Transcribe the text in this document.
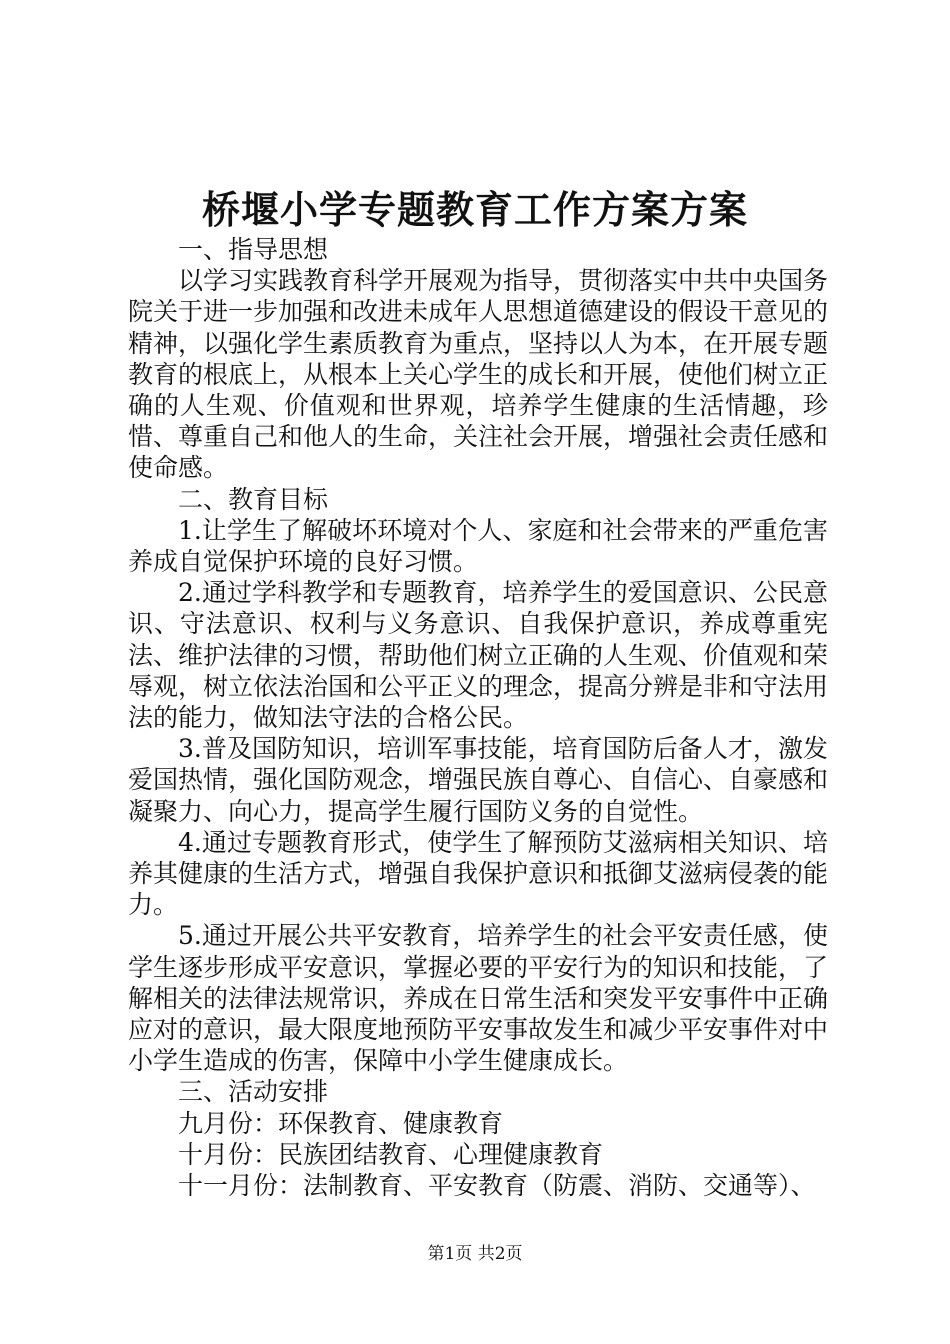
桥堰小学专题教育工作方案方案

一、指导思想

以学习实践教育科学开展观为指导，贯彻落实中共中央国务院关于进一步加强和改进未成年人思想道德建设的假设干意见的精神，以强化学生素质教育为重点，坚持以人为本，在开展专题教育的根底上，从根本上关心学生的成长和开展，使他们树立正确的人生观、价值观和世界观，培养学生健康的生活情趣，珍惜、尊重自己和他人的生命，关注社会开展，增强社会责任感和使命感。

二、教育目标

1.让学生了解破坏环境对个人、家庭和社会带来的严重危害养成自觉保护环境的良好习惯。

2.通过学科教学和专题教育，培养学生的爱国意识、公民意识、守法意识、权利与义务意识、自我保护意识，养成尊重宪法、维护法律的习惯，帮助他们树立正确的人生观、价值观和荣辱观，树立依法治国和公平正义的理念，提高分辨是非和守法用法的能力，做知法守法的合格公民。

3.普及国防知识，培训军事技能，培育国防后备人才，激发爱国热情，强化国防观念，增强民族自尊心、自信心、自豪感和凝聚力、向心力，提高学生履行国防义务的自觉性。

4.通过专题教育形式，使学生了解预防艾滋病相关知识、培养其健康的生活方式，增强自我保护意识和抵御艾滋病侵袭的能力。

5.通过开展公共平安教育，培养学生的社会平安责任感，使学生逐步形成平安意识，掌握必要的平安行为的知识和技能，了解相关的法律法规常识，养成在日常生活和突发平安事件中正确应对的意识，最大限度地预防平安事故发生和减少平安事件对中小学生造成的伤害，保障中小学生健康成长。

三、活动安排

九月份：环保教育、健康教育

十月份：民族团结教育、心理健康教育

十一月份：法制教育、平安教育（防震、消防、交通等）、

第1页 共2页
